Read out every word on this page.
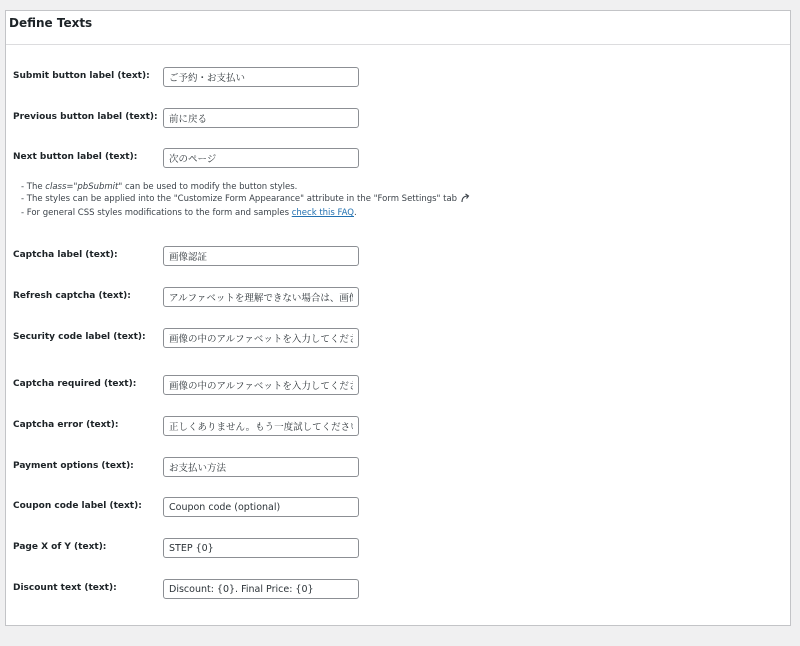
Define Texts
Submit button label (text):
ご予約・お支払い
Previous button label (text):
前に戻る
Next button label (text):
次のページ
- The class="pbSubmit" can be used to modify the button styles.
- The styles can be applied into the "Customize Form Appearance" attribute in the "Form Settings" tab
- For general CSS styles modifications to the form and samples check this FAQ.
Captcha label (text):
画像認証
Refresh captcha (text):
アルファベットを理解できない場合は、画像
Security code label (text):
画像の中のアルファベットを入力してくださ
Captcha required (text):
画像の中のアルファベットを入力してくださ
Captcha error (text):
正しくありません。もう一度試してください
Payment options (text):
お支払い方法
Coupon code label (text):
Coupon code (optional)
Page X of Y (text):
STEP {0}
Discount text (text):
Discount: {0}. Final Price: {0}
